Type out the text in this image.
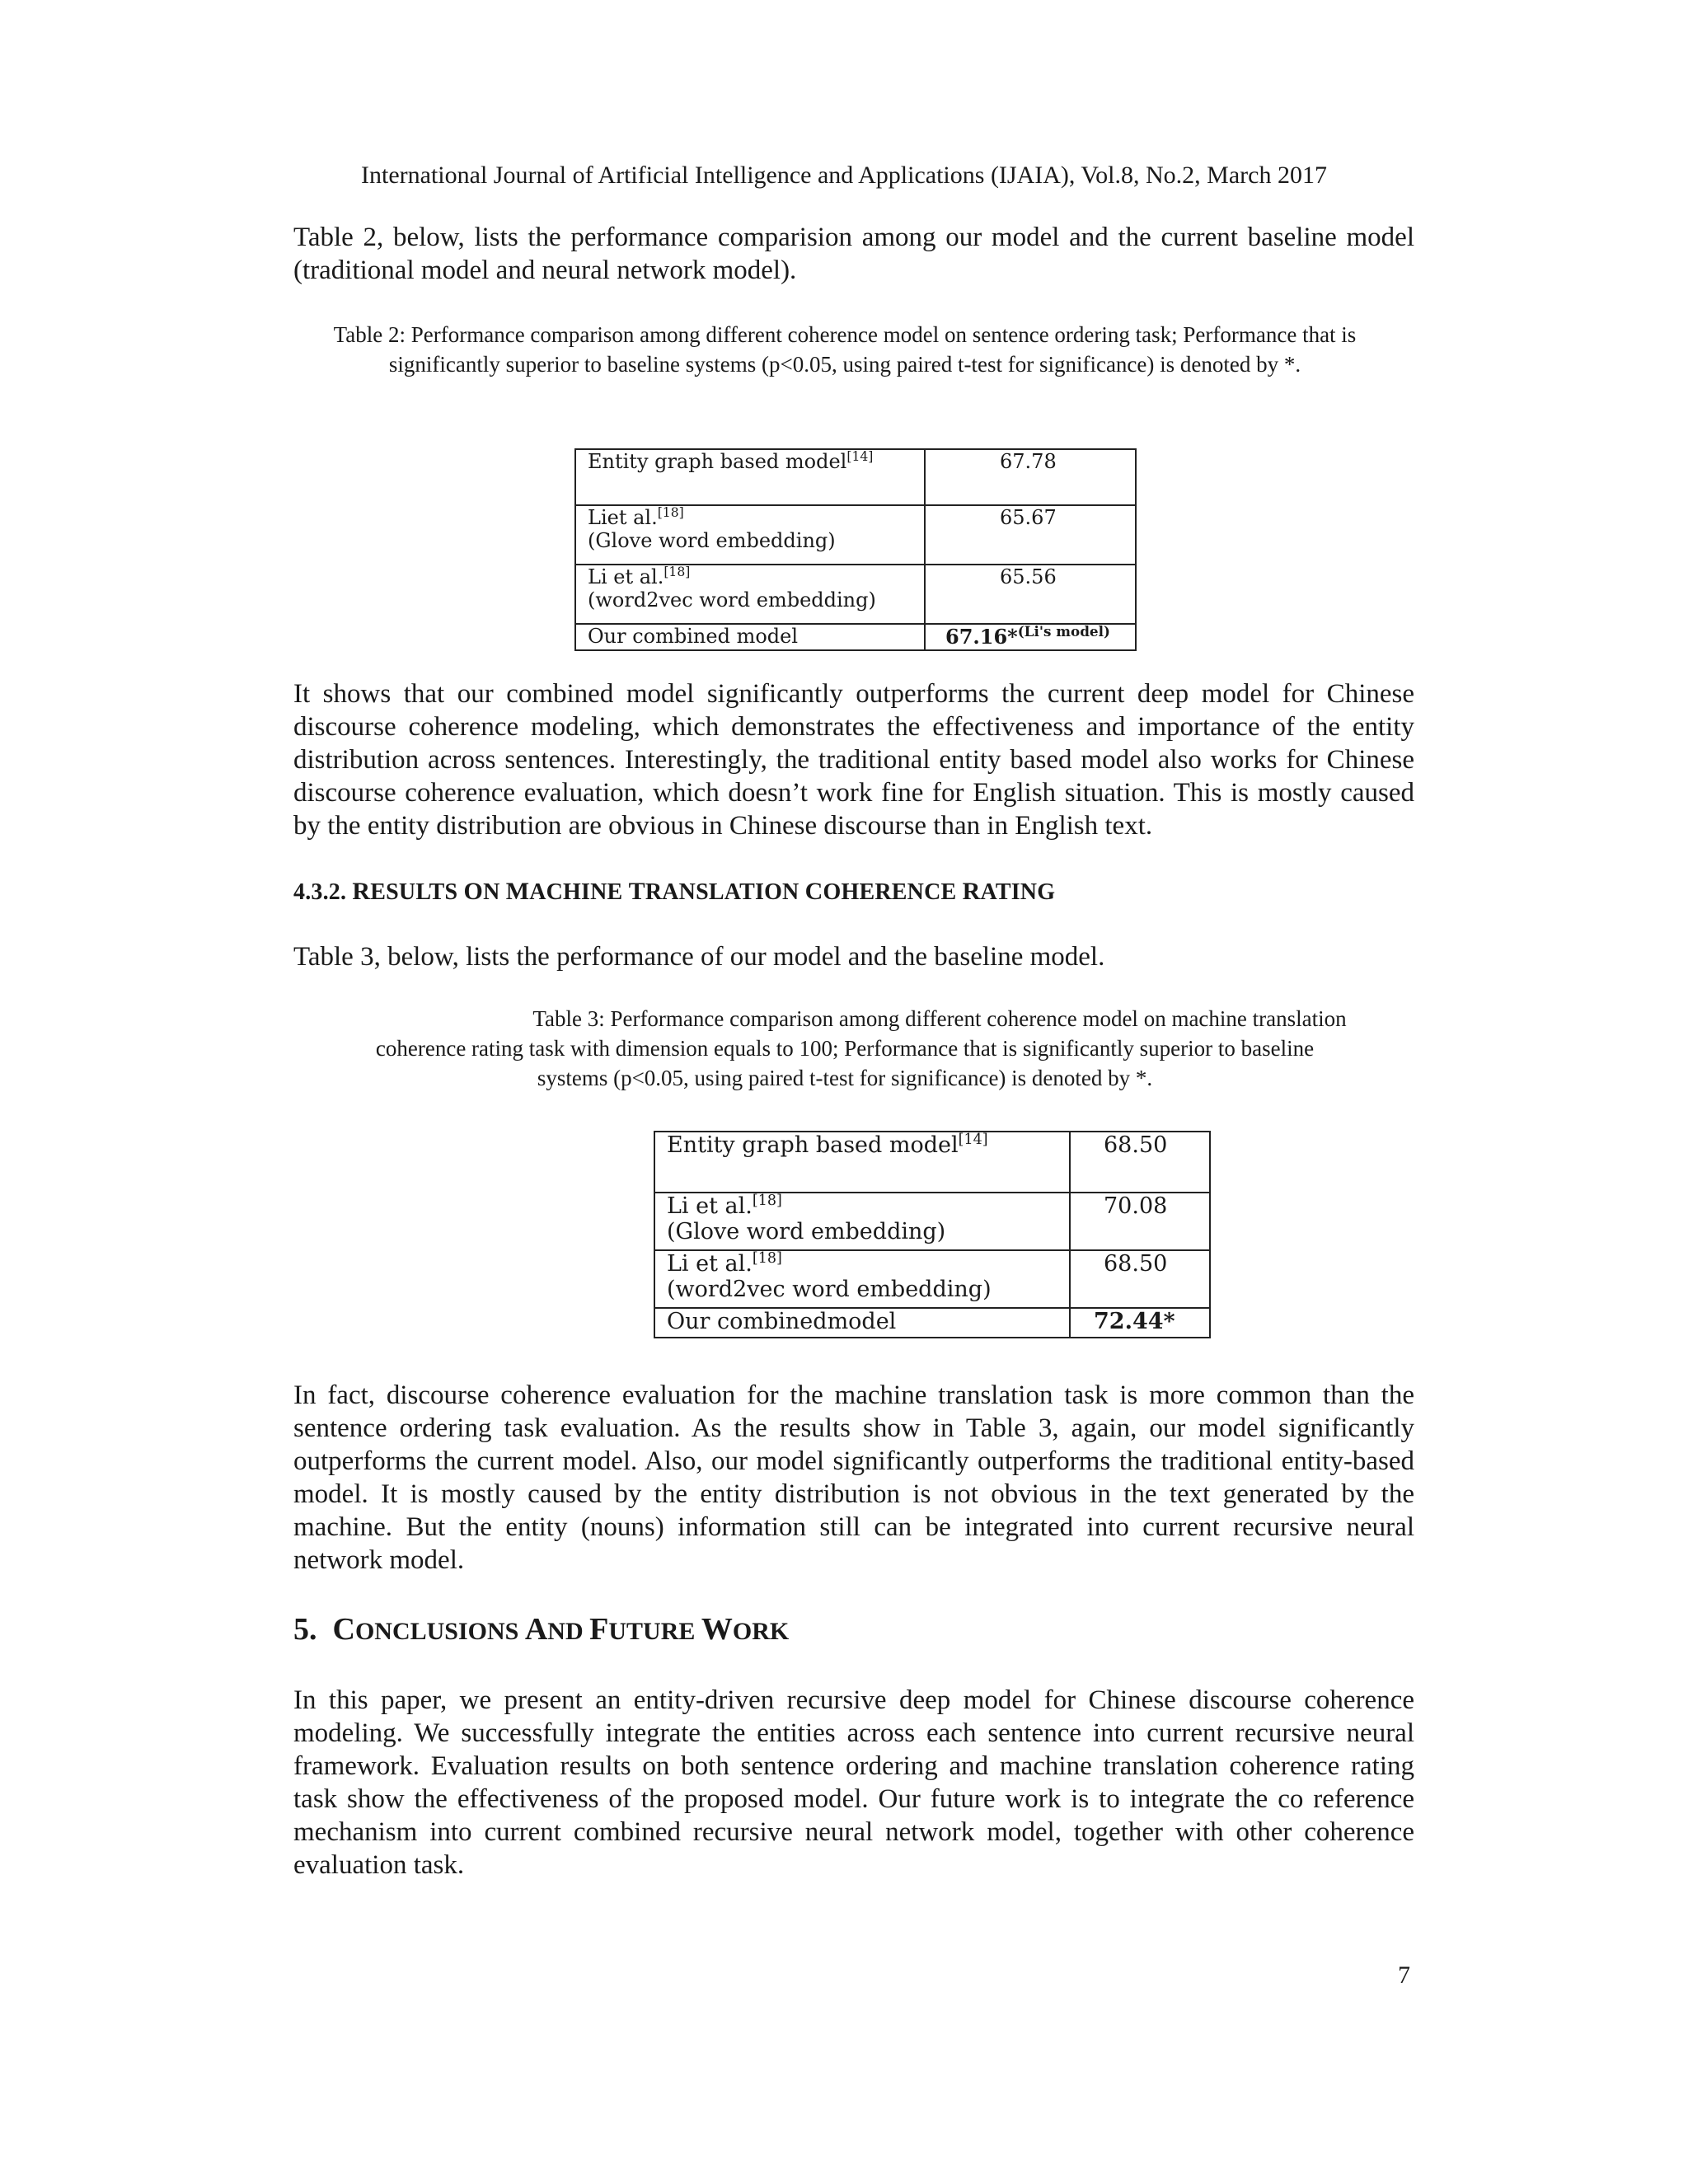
International Journal of Artificial Intelligence and Applications (IJAIA), Vol.8, No.2, March 2017
Table 2, below, lists the performance comparision among our model and the current baseline model (traditional model and neural network model).
Table 2: Performance comparison among different coherence model on sentence ordering task; Performance that is significantly superior to baseline systems (p<0.05, using paired t-test for significance) is denoted by *.
Entity graph based model[14]	67.78
Liet al.[18]
(Glove word embedding)	65.67
Li et al.[18]
(word2vec word embedding)	65.56
Our combined model	67.16*$^{(Li's model)}$
It shows that our combined model significantly outperforms the current deep model for Chinese discourse coherence modeling, which demonstrates the effectiveness and importance of the entity distribution across sentences. Interestingly, the traditional entity based model also works for Chinese discourse coherence evaluation, which doesn’t work fine for English situation. This is mostly caused by the entity distribution are obvious in Chinese discourse than in English text.
4.3.2. RESULTS ON MACHINE TRANSLATION COHERENCE RATING
Table 3, below, lists the performance of our model and the baseline model.
Table 3: Performance comparison among different coherence model on machine translation
coherence rating task with dimension equals to 100; Performance that is significantly superior to baseline systems (p<0.05, using paired t-test for significance) is denoted by *.
Entity graph based model[14]	68.50
Li et al.[18]
(Glove word embedding)	70.08
Li et al.[18]
(word2vec word embedding)	68.50
Our combinedmodel	72.44*
In fact, discourse coherence evaluation for the machine translation task is more common than the sentence ordering task evaluation. As the results show in Table 3, again, our model significantly outperforms the current model. Also, our model significantly outperforms the traditional entity-based model. It is mostly caused by the entity distribution is not obvious in the text generated by the machine. But the entity (nouns) information still can be integrated into current recursive neural network model.
5. CONCLUSIONS AND FUTURE WORK
In this paper, we present an entity-driven recursive deep model for Chinese discourse coherence modeling. We successfully integrate the entities across each sentence into current recursive neural framework. Evaluation results on both sentence ordering and machine translation coherence rating task show the effectiveness of the proposed model. Our future work is to integrate the co reference mechanism into current combined recursive neural network model, together with other coherence evaluation task.
7
